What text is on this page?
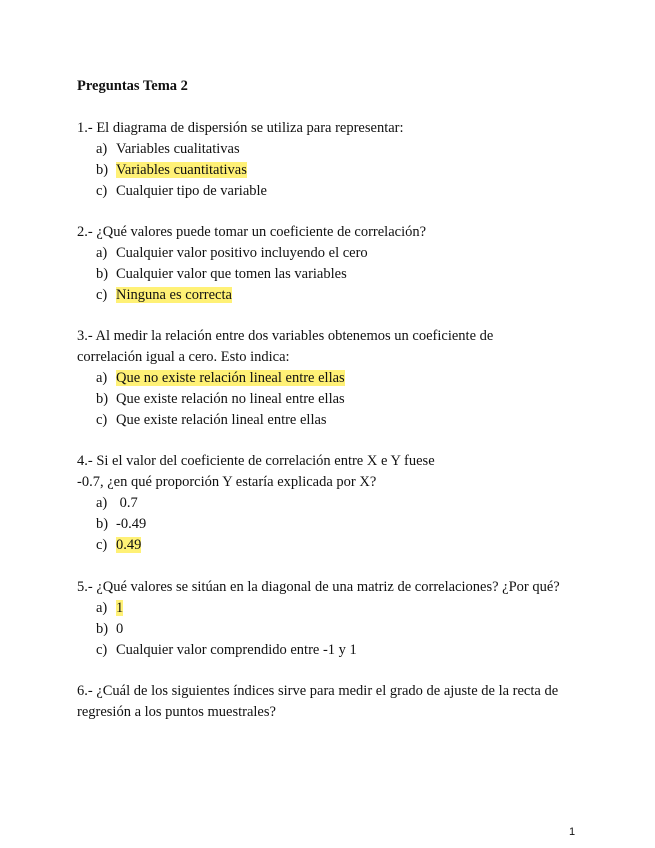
Preguntas Tema 2

1.- El diagrama de dispersión se utiliza para representar:

a) Variables cualitativas
b) Variables cuantitativas
c) Cualquier tipo de variable

2.- ¿Qué valores puede tomar un coeficiente de correlación?

a) Cualquier valor positivo incluyendo el cero
b) Cualquier valor que tomen las variables
c) Ninguna es correcta

3.- Al medir la relación entre dos variables obtenemos un coeficiente de

correlación igual a cero. Esto indica:

a) Que no existe relación lineal entre ellas
b) Que existe relación no lineal entre ellas
c) Que existe relación lineal entre ellas

4.- Si el valor del coeficiente de correlación entre X e Y fuese

-0.7, ¿en qué proporción Y estaría explicada por X?

a) 0.7
b) -0.49
c) 0.49

5.- ¿Qué valores se sitúan en la diagonal de una matriz de correlaciones? ¿Por qué?

a) 1
b) 0
c) Cualquier valor comprendido entre -1 y 1

6.- ¿Cuál de los siguientes índices sirve para medir el grado de ajuste de la recta de

regresión a los puntos muestrales?

1
